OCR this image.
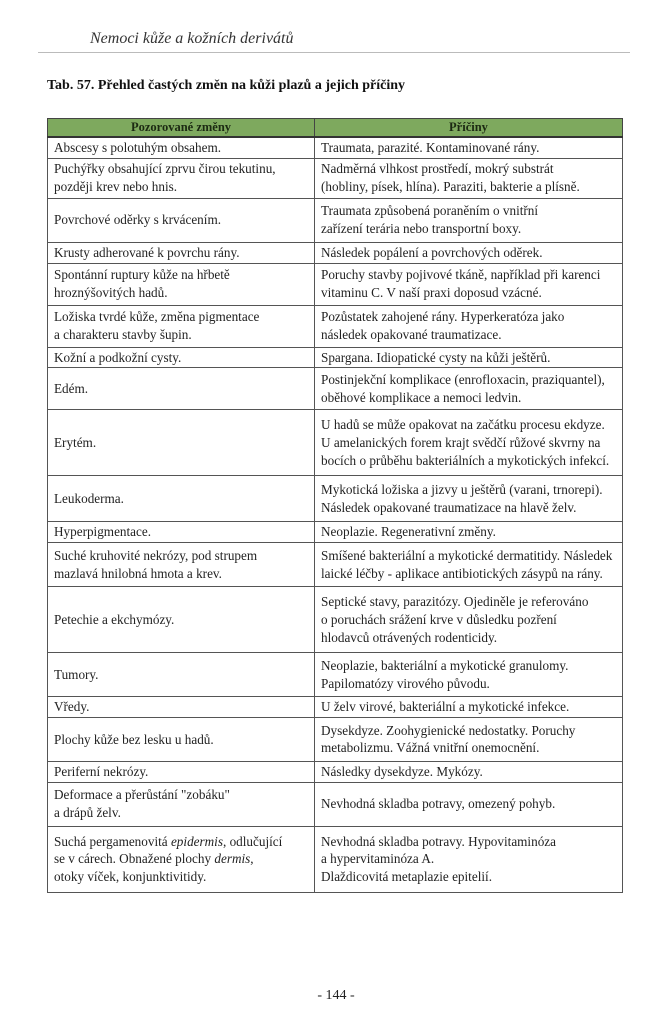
Nemoci kůže a kožních derivátů
Tab. 57. Přehled častých změn na kůži plazů a jejich příčiny
Pozorované změny	Příčiny
Abscesy s polotuhým obsahem.	Traumata, parazité. Kontaminované rány.
Puchýřky obsahující zprvu čirou tekutinu,
později krev nebo hnis.	Nadměrná vlhkost prostředí, mokrý substrát
(hobliny, písek, hlína). Paraziti, bakterie a plísně.
Povrchové oděrky s krvácením.	Traumata způsobená poraněním o vnitřní
zařízení terária nebo transportní boxy.
Krusty adherované k povrchu rány.	Následek popálení a povrchových oděrek.
Spontánní ruptury kůže na hřbetě
hroznýšovitých hadů.	Poruchy stavby pojivové tkáně, například při karenci
vitaminu C. V naší praxi doposud vzácné.
Ložiska tvrdé kůže, změna pigmentace
a charakteru stavby šupin.	Pozůstatek zahojené rány. Hyperkeratóza jako
následek opakované traumatizace.
Kožní a podkožní cysty.	Spargana. Idiopatické cysty na kůži ještěrů.
Edém.	Postinjekční komplikace (enrofloxacin, praziquantel),
oběhové komplikace a nemoci ledvin.
Erytém.	U hadů se může opakovat na začátku procesu ekdyze.
U amelanických forem krajt svědčí růžové skvrny na
bocích o průběhu bakteriálních a mykotických infekcí.
Leukoderma.	Mykotická ložiska a jizvy u ještěrů (varani, trnorepi).
Následek opakované traumatizace na hlavě želv.
Hyperpigmentace.	Neoplazie. Regenerativní změny.
Suché kruhovité nekrózy, pod strupem
mazlavá hnilobná hmota a krev.	Smíšené bakteriální a mykotické dermatitidy. Následek
laické léčby - aplikace antibiotických zásypů na rány.
Petechie a ekchymózy.	Septické stavy, parazitózy. Ojediněle je referováno
o poruchách srážení krve v důsledku pozření
hlodavců otrávených rodenticidy.
Tumory.	Neoplazie, bakteriální a mykotické granulomy.
Papilomatózy virového původu.
Vředy.	U želv virové, bakteriální a mykotické infekce.
Plochy kůže bez lesku u hadů.	Dysekdyze. Zoohygienické nedostatky. Poruchy
metabolizmu. Vážná vnitřní onemocnění.
Periferní nekrózy.	Následky dysekdyze. Mykózy.
Deformace a přerůstání "zobáku"
a drápů želv.	Nevhodná skladba potravy, omezený pohyb.
Suchá pergamenovitá epidermis, odlučující
se v cárech. Obnažené plochy dermis,
otoky víček, konjunktivitidy.	Nevhodná skladba potravy. Hypovitaminóza
a hypervitaminóza A.
Dlaždicovitá metaplazie epitelií.
- 144 -
